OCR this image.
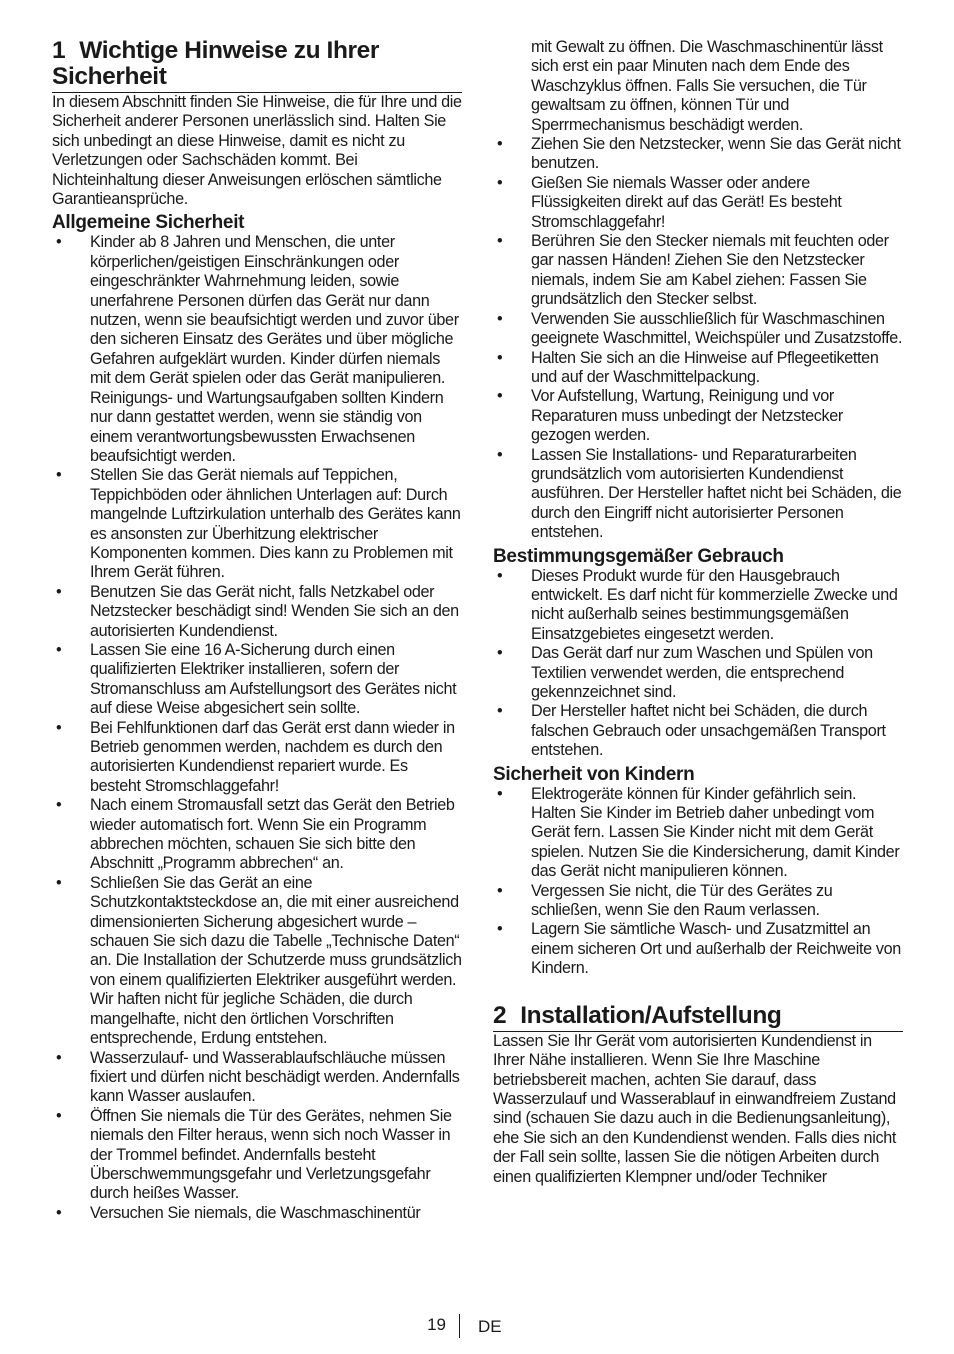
1 Wichtige Hinweise zu Ihrer Sicherheit

In diesem Abschnitt finden Sie Hinweise, die für Ihre und die Sicherheit anderer Personen unerlässlich sind. Halten Sie sich unbedingt an diese Hinweise, damit es nicht zu Verletzungen oder Sachschäden kommt. Bei Nichteinhaltung dieser Anweisungen erlöschen sämtliche Garantieansprüche.

Allgemeine Sicherheit
• Kinder ab 8 Jahren und Menschen, die unter körperlichen/geistigen Einschränkungen oder eingeschränkter Wahrnehmung leiden, sowie unerfahrene Personen dürfen das Gerät nur dann nutzen, wenn sie beaufsichtigt werden und zuvor über den sicheren Einsatz des Gerätes und über mögliche Gefahren aufgeklärt wurden. Kinder dürfen niemals mit dem Gerät spielen oder das Gerät manipulieren. Reinigungs- und Wartungsaufgaben sollten Kindern nur dann gestattet werden, wenn sie ständig von einem verantwortungsbewussten Erwachsenen beaufsichtigt werden.
• Stellen Sie das Gerät niemals auf Teppichen, Teppichböden oder ähnlichen Unterlagen auf: Durch mangelnde Luftzirkulation unterhalb des Gerätes kann es ansonsten zur Überhitzung elektrischer Komponenten kommen. Dies kann zu Problemen mit Ihrem Gerät führen.
• Benutzen Sie das Gerät nicht, falls Netzkabel oder Netzstecker beschädigt sind! Wenden Sie sich an den autorisierten Kundendienst.
• Lassen Sie eine 16 A-Sicherung durch einen qualifizierten Elektriker installieren, sofern der Stromanschluss am Aufstellungsort des Gerätes nicht auf diese Weise abgesichert sein sollte.
• Bei Fehlfunktionen darf das Gerät erst dann wieder in Betrieb genommen werden, nachdem es durch den autorisierten Kundendienst repariert wurde. Es besteht Stromschlaggefahr!
• Nach einem Stromausfall setzt das Gerät den Betrieb wieder automatisch fort. Wenn Sie ein Programm abbrechen möchten, schauen Sie sich bitte den Abschnitt „Programm abbrechen“ an.
• Schließen Sie das Gerät an eine Schutzkontaktsteckdose an, die mit einer ausreichend dimensionierten Sicherung abgesichert wurde – schauen Sie sich dazu die Tabelle „Technische Daten“ an. Die Installation der Schutzerde muss grundsätzlich von einem qualifizierten Elektriker ausgeführt werden. Wir haften nicht für jegliche Schäden, die durch mangelhafte, nicht den örtlichen Vorschriften entsprechende, Erdung entstehen.
• Wasserzulauf- und Wasserablaufschläuche müssen fixiert und dürfen nicht beschädigt werden. Andernfalls kann Wasser auslaufen.
• Öffnen Sie niemals die Tür des Gerätes, nehmen Sie niemals den Filter heraus, wenn sich noch Wasser in der Trommel befindet. Andernfalls besteht Überschwemmungsgefahr und Verletzungsgefahr durch heißes Wasser.
• Versuchen Sie niemals, die Waschmaschinentür

mit Gewalt zu öffnen. Die Waschmaschinentür lässt sich erst ein paar Minuten nach dem Ende des Waschzyklus öffnen. Falls Sie versuchen, die Tür gewaltsam zu öffnen, können Tür und Sperrmechanismus beschädigt werden.

• Ziehen Sie den Netzstecker, wenn Sie das Gerät nicht benutzen.
• Gießen Sie niemals Wasser oder andere Flüssigkeiten direkt auf das Gerät! Es besteht Stromschlaggefahr!
• Berühren Sie den Stecker niemals mit feuchten oder gar nassen Händen! Ziehen Sie den Netzstecker niemals, indem Sie am Kabel ziehen: Fassen Sie grundsätzlich den Stecker selbst.
• Verwenden Sie ausschließlich für Waschmaschinen geeignete Waschmittel, Weichspüler und Zusatzstoffe.
• Halten Sie sich an die Hinweise auf Pflegeetiketten und auf der Waschmittelpackung.
• Vor Aufstellung, Wartung, Reinigung und vor Reparaturen muss unbedingt der Netzstecker gezogen werden.
• Lassen Sie Installations- und Reparaturarbeiten grundsätzlich vom autorisierten Kundendienst ausführen. Der Hersteller haftet nicht bei Schäden, die durch den Eingriff nicht autorisierter Personen entstehen.
Bestimmungsgemäßer Gebrauch
• Dieses Produkt wurde für den Hausgebrauch entwickelt. Es darf nicht für kommerzielle Zwecke und nicht außerhalb seines bestimmungsgemäßen Einsatzgebietes eingesetzt werden.
• Das Gerät darf nur zum Waschen und Spülen von Textilien verwendet werden, die entsprechend gekennzeichnet sind.
• Der Hersteller haftet nicht bei Schäden, die durch falschen Gebrauch oder unsachgemäßen Transport entstehen.
Sicherheit von Kindern
• Elektrogeräte können für Kinder gefährlich sein. Halten Sie Kinder im Betrieb daher unbedingt vom Gerät fern. Lassen Sie Kinder nicht mit dem Gerät spielen. Nutzen Sie die Kindersicherung, damit Kinder das Gerät nicht manipulieren können.
• Vergessen Sie nicht, die Tür des Gerätes zu schließen, wenn Sie den Raum verlassen.
• Lagern Sie sämtliche Wasch- und Zusatzmittel an einem sicheren Ort und außerhalb der Reichweite von Kindern.
2 Installation/Aufstellung

Lassen Sie Ihr Gerät vom autorisierten Kundendienst in Ihrer Nähe installieren. Wenn Sie Ihre Maschine betriebsbereit machen, achten Sie darauf, dass Wasserzulauf und Wasserablauf in einwandfreiem Zustand sind (schauen Sie dazu auch in die Bedienungsanleitung), ehe Sie sich an den Kundendienst wenden. Falls dies nicht der Fall sein sollte, lassen Sie die nötigen Arbeiten durch einen qualifizierten Klempner und/oder Techniker

19 DE
